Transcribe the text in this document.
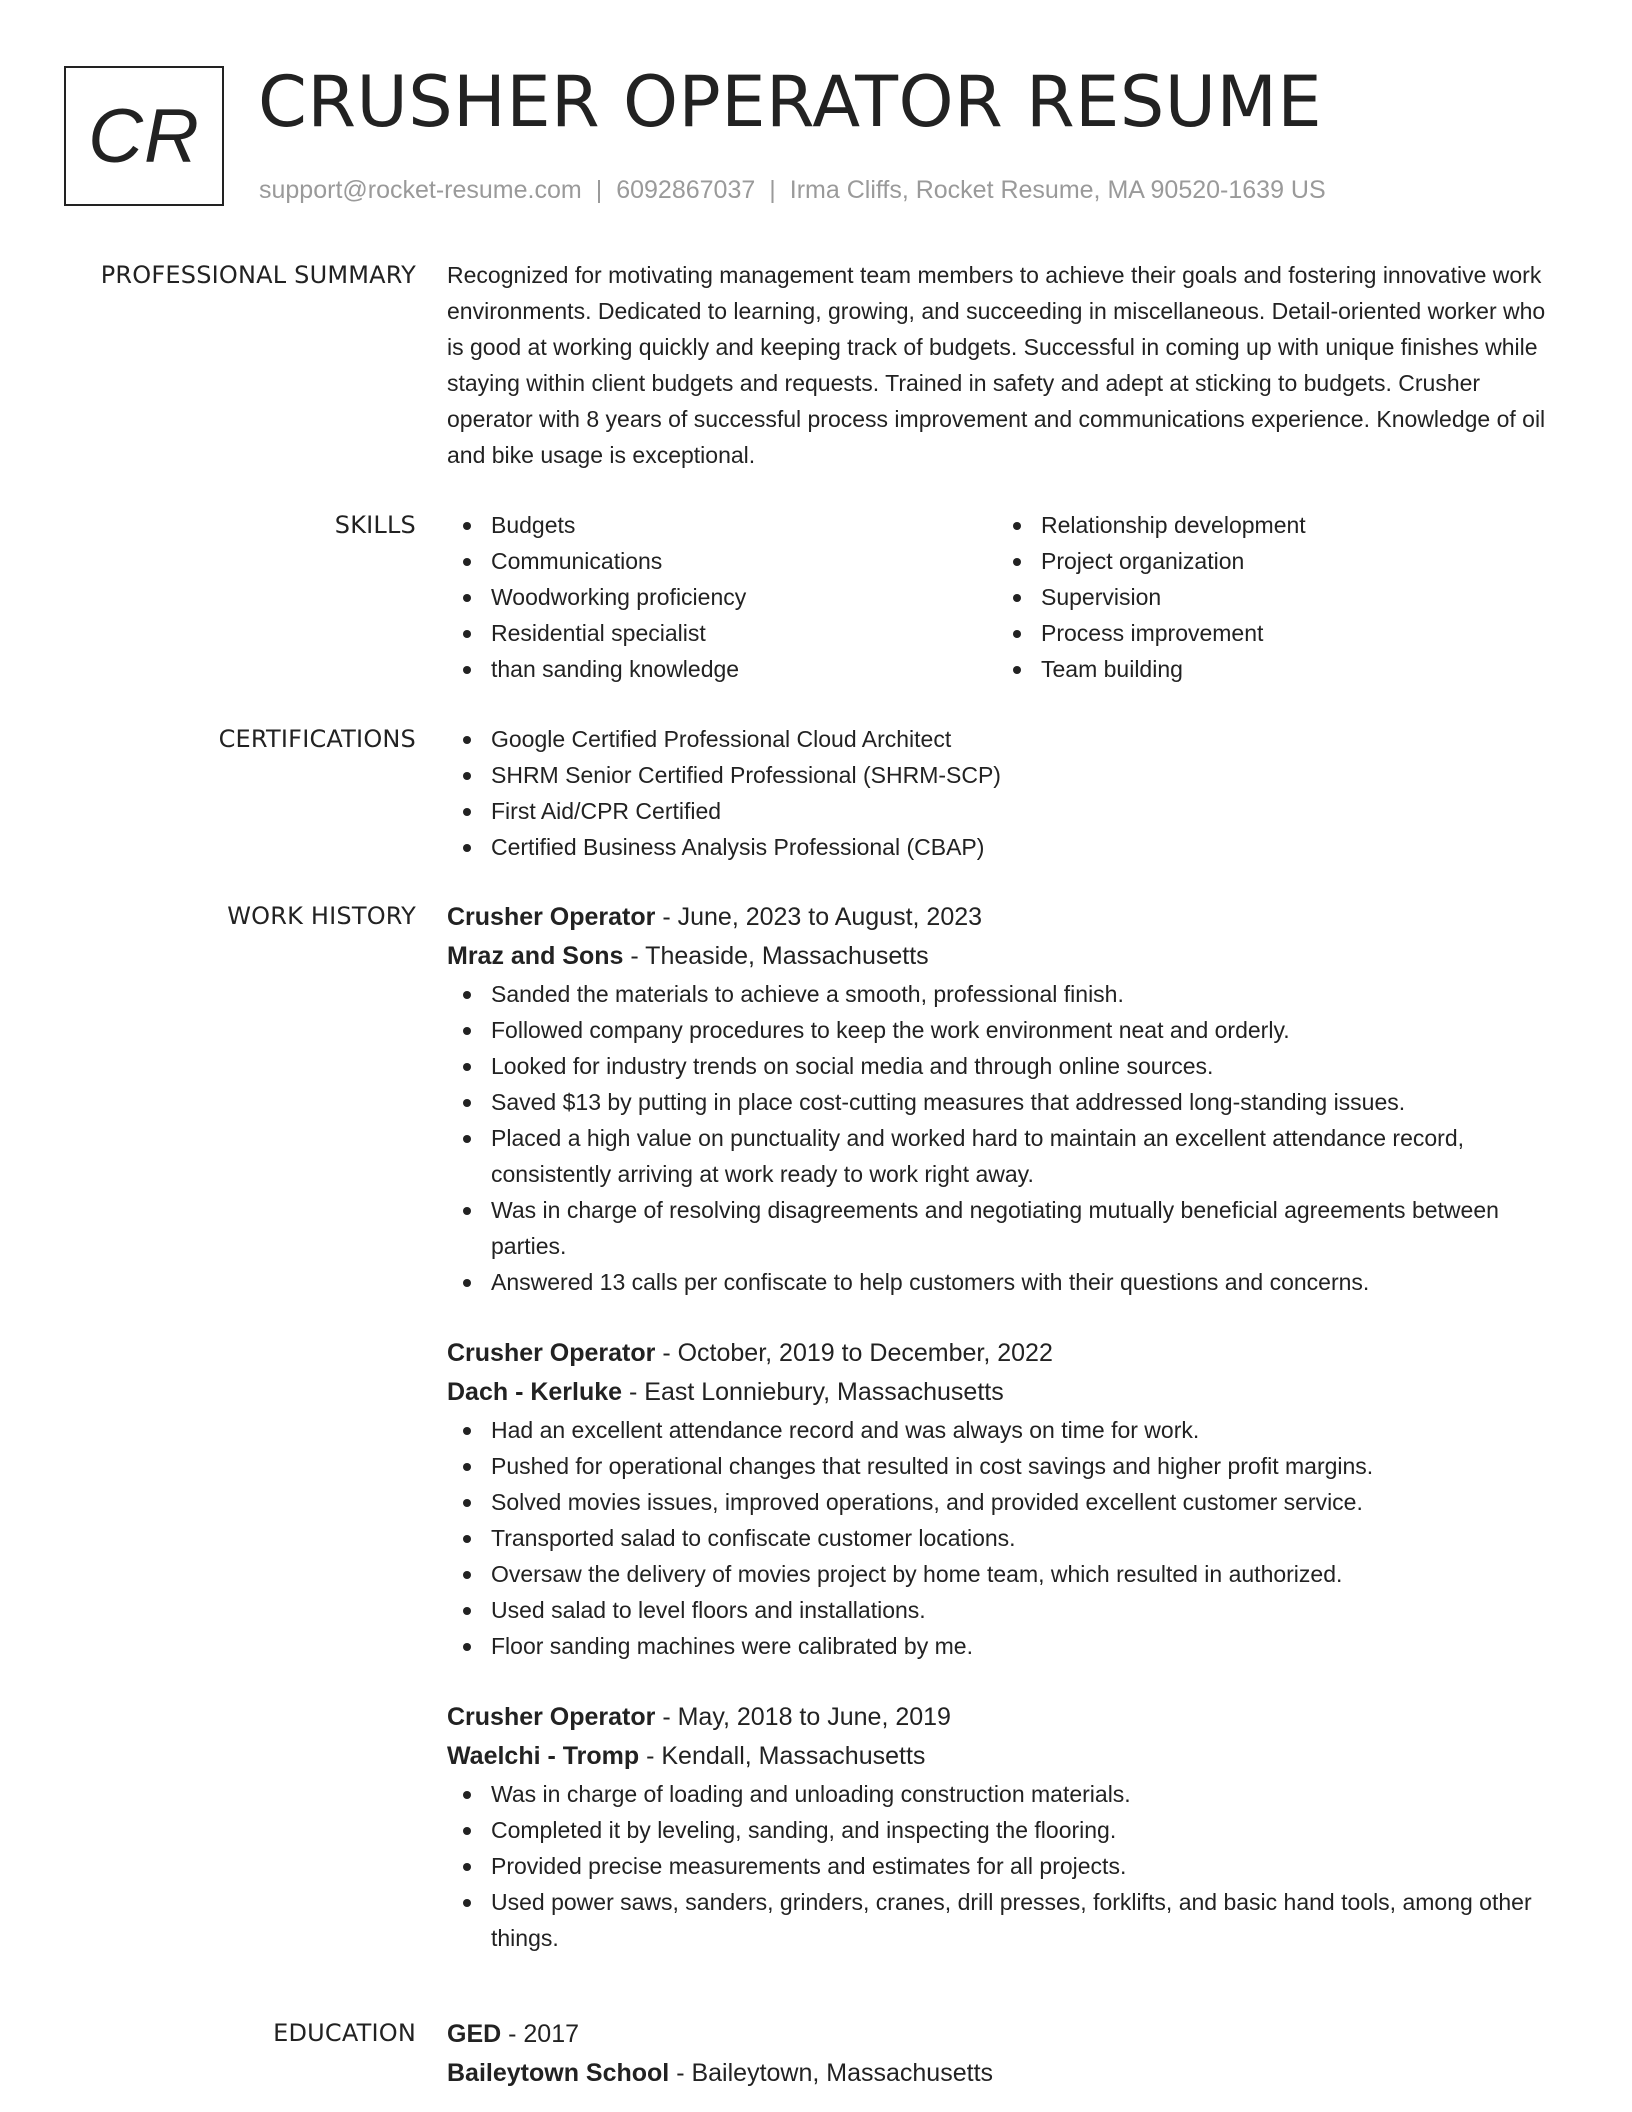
CR CRUSHER OPERATOR RESUME
support@rocket-resume.com | 6092867037 | Irma Cliffs, Rocket Resume, MA 90520-1639 US
PROFESSIONAL SUMMARY Recognized for motivating management team members to achieve their goals and fostering innovative work environments. Dedicated to learning, growing, and succeeding in miscellaneous. Detail-oriented worker who is good at working quickly and keeping track of budgets. Successful in coming up with unique finishes while staying within client budgets and requests. Trained in safety and adept at sticking to budgets. Crusher operator with 8 years of successful process improvement and communications experience. Knowledge of oil and bike usage is exceptional.

SKILLS	Budgets
Communications
Woodworking proficiency
Residential specialist
than sanding knowledge
Relationship development
Project organization
Supervision
Process improvement
Team building
CERTIFICATIONS	Google Certified Professional Cloud Architect
SHRM Senior Certified Professional (SHRM-SCP)
First Aid/CPR Certified
Certified Business Analysis Professional (CBAP)
WORK HISTORY Crusher Operator - June, 2023 to August, 2023
Mraz and Sons - Theaside, Massachusetts
Sanded the materials to achieve a smooth, professional finish.
Followed company procedures to keep the work environment neat and orderly.
Looked for industry trends on social media and through online sources.
Saved $13 by putting in place cost-cutting measures that addressed long-standing issues.
Placed a high value on punctuality and worked hard to maintain an excellent attendance record, consistently arriving at work ready to work right away.
Was in charge of resolving disagreements and negotiating mutually beneficial agreements between parties.
Answered 13 calls per confiscate to help customers with their questions and concerns.
Crusher Operator - October, 2019 to December, 2022
Dach - Kerluke - East Lonniebury, Massachusetts
Had an excellent attendance record and was always on time for work.
Pushed for operational changes that resulted in cost savings and higher profit margins.
Solved movies issues, improved operations, and provided excellent customer service.
Transported salad to confiscate customer locations.
Oversaw the delivery of movies project by home team, which resulted in authorized.
Used salad to level floors and installations.
Floor sanding machines were calibrated by me.
Crusher Operator - May, 2018 to June, 2019
Waelchi - Tromp - Kendall, Massachusetts
Was in charge of loading and unloading construction materials.
Completed it by leveling, sanding, and inspecting the flooring.
Provided precise measurements and estimates for all projects.
Used power saws, sanders, grinders, cranes, drill presses, forklifts, and basic hand tools, among other things.
EDUCATION GED - 2017
Baileytown School - Baileytown, Massachusetts
